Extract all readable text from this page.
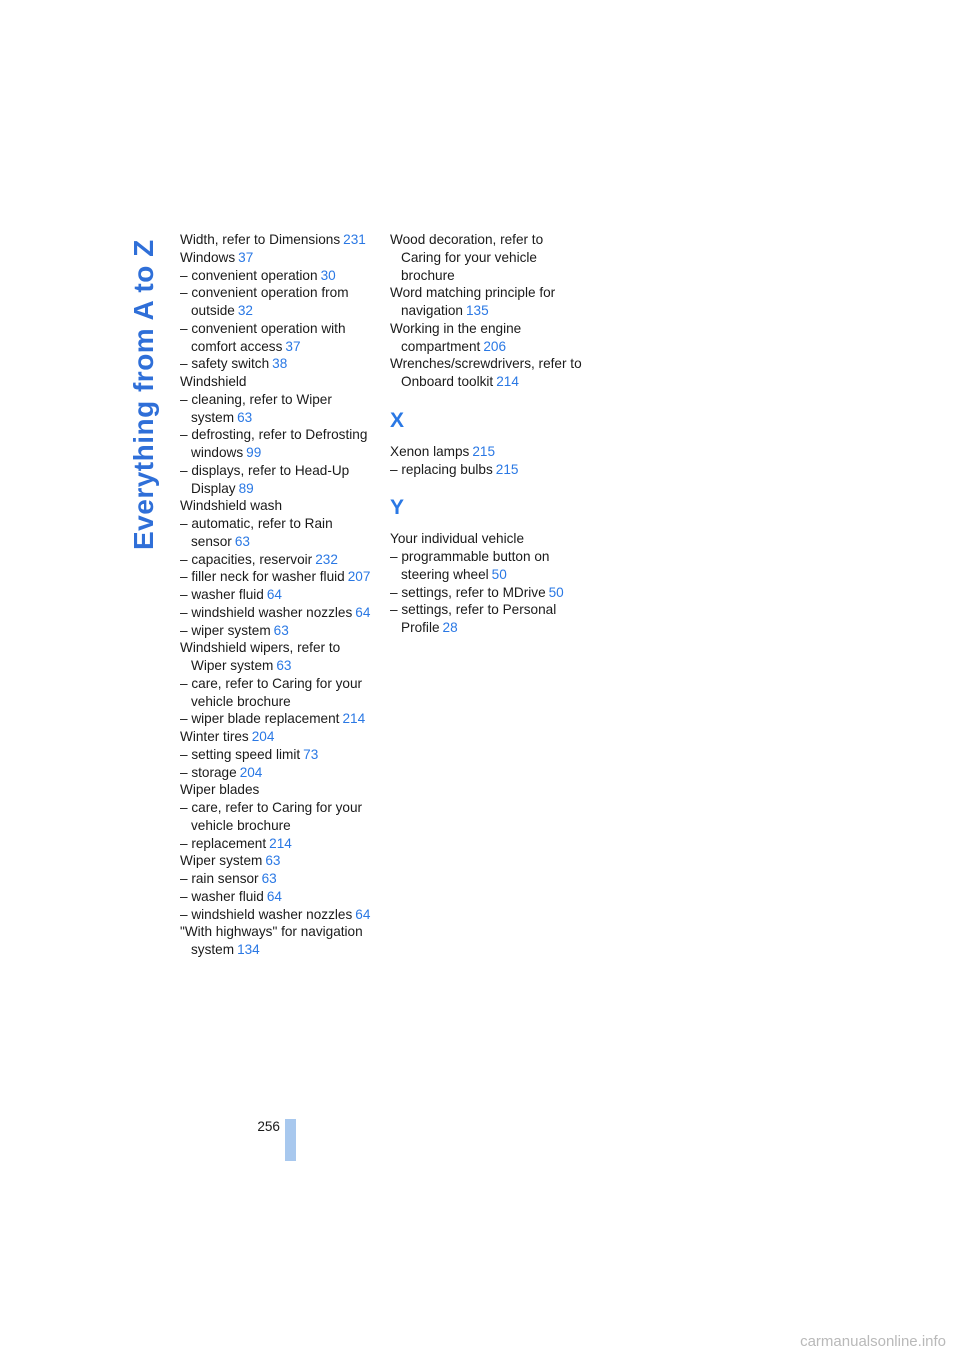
Everything from A to Z Width, refer to Dimensions 231
Windows 37
– convenient operation 30
– convenient operation from outside 32
– convenient operation with comfort access 37
– safety switch 38
Windshield
– cleaning, refer to Wiper system 63
– defrosting, refer to Defrosting windows 99
– displays, refer to Head-Up Display 89
Windshield wash
– automatic, refer to Rain sensor 63
– capacities, reservoir 232
– filler neck for washer fluid 207
– washer fluid 64
– windshield washer nozzles 64
– wiper system 63
Windshield wipers, refer to Wiper system 63
– care, refer to Caring for your vehicle brochure
– wiper blade replacement 214
Winter tires 204
– setting speed limit 73
– storage 204
Wiper blades
– care, refer to Caring for your vehicle brochure
– replacement 214
Wiper system 63
– rain sensor 63
– washer fluid 64
– windshield washer nozzles 64
"With highways" for navigation system 134
Wood decoration, refer to Caring for your vehicle brochure
Word matching principle for navigation 135
Working in the engine compartment 206
Wrenches/screwdrivers, refer to Onboard toolkit 214
X
Xenon lamps 215
– replacing bulbs 215
Y
Your individual vehicle
– programmable button on steering wheel 50
– settings, refer to MDrive 50
– settings, refer to Personal Profile 28
256
carmanualsonline.info
